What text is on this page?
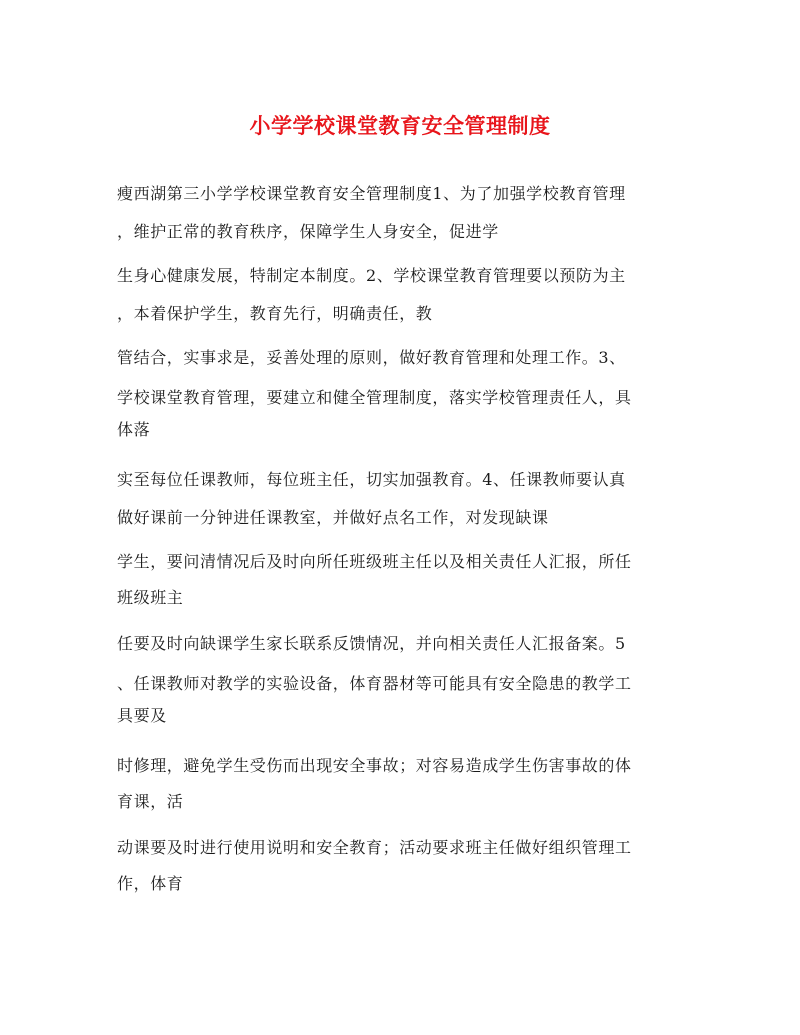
小学学校课堂教育安全管理制度
瘦西湖第三小学学校课堂教育安全管理制度1、为了加强学校教育管理
，维护正常的教育秩序，保障学生人身安全，促进学
生身心健康发展，特制定本制度。2、学校课堂教育管理要以预防为主
，本着保护学生，教育先行，明确责任，教
管结合，实事求是，妥善处理的原则，做好教育管理和处理工作。3、
学校课堂教育管理，要建立和健全管理制度，落实学校管理责任人，具
体落
实至每位任课教师，每位班主任，切实加强教育。4、任课教师要认真
做好课前一分钟进任课教室，并做好点名工作，对发现缺课
学生，要问清情况后及时向所任班级班主任以及相关责任人汇报，所任
班级班主
任要及时向缺课学生家长联系反馈情况，并向相关责任人汇报备案。5
、任课教师对教学的实验设备，体育器材等可能具有安全隐患的教学工
具要及
时修理，避免学生受伤而出现安全事故；对容易造成学生伤害事故的体
育课，活
动课要及时进行使用说明和安全教育；活动要求班主任做好组织管理工
作，体育
